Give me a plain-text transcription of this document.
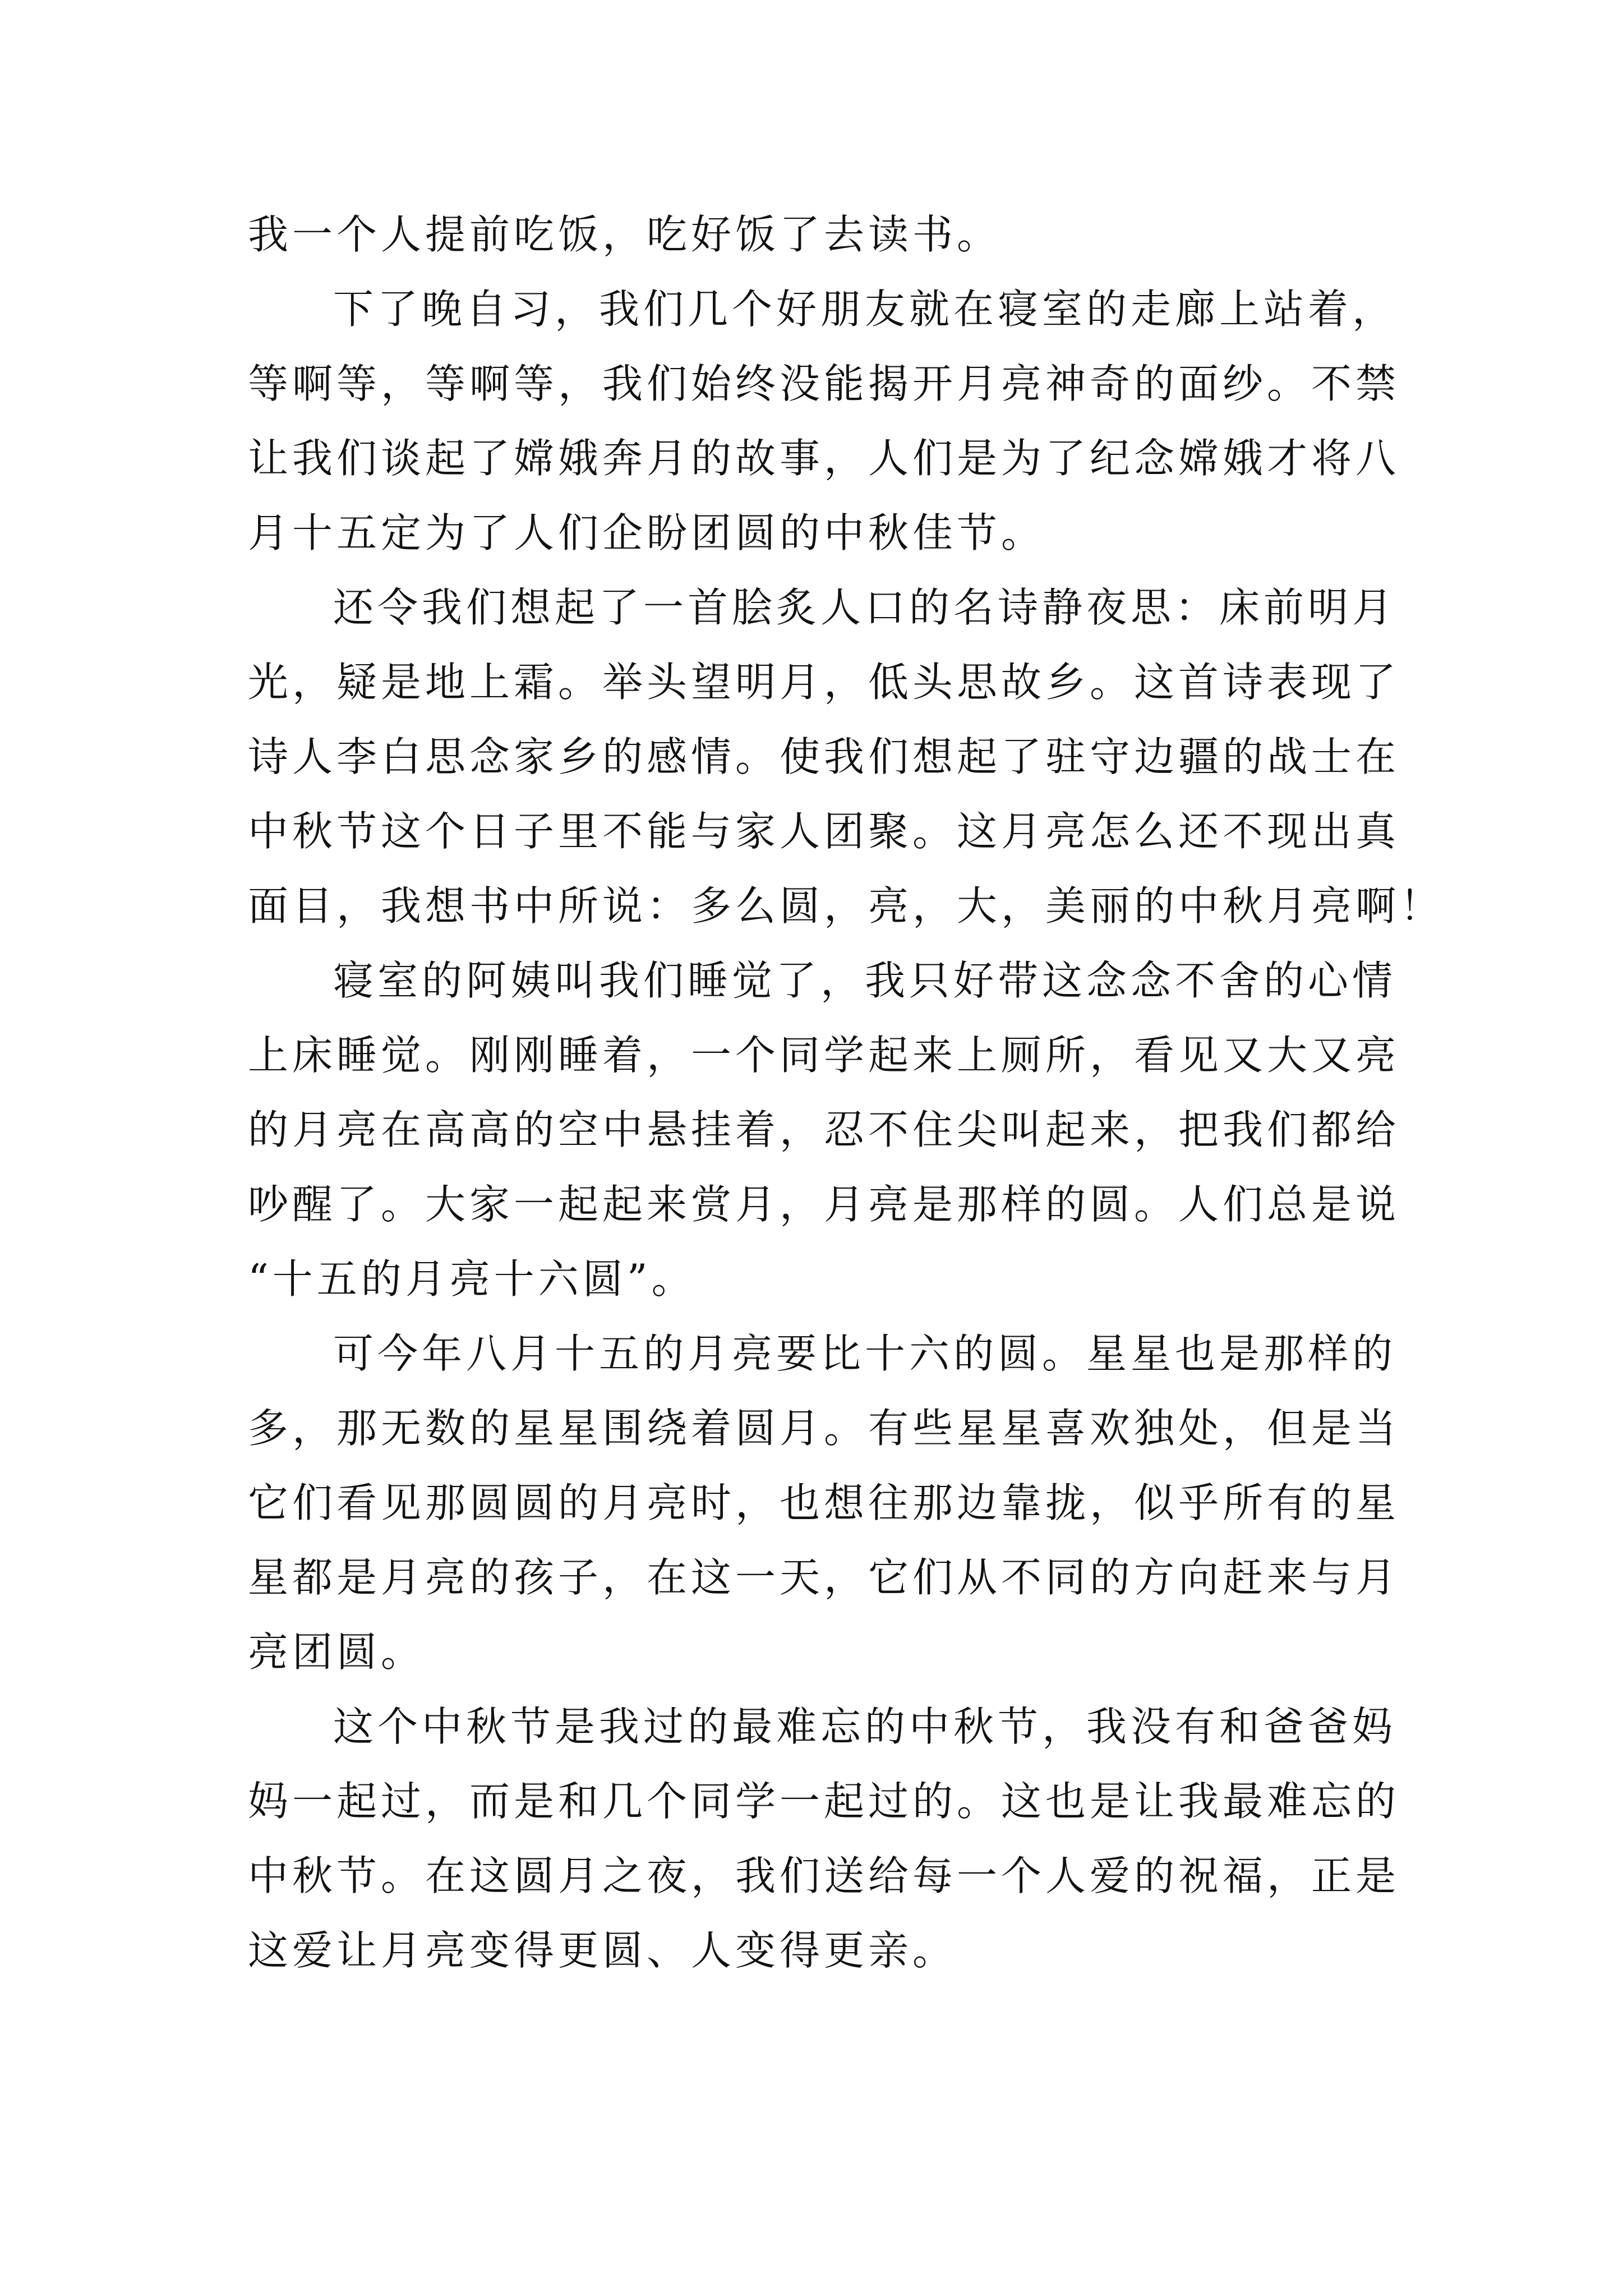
我一个人提前吃饭，吃好饭了去读书。
下了晚自习，我们几个好朋友就在寝室的走廊上站着，
等啊等，等啊等，我们始终没能揭开月亮神奇的面纱。不禁
让我们谈起了嫦娥奔月的故事，人们是为了纪念嫦娥才将八
月十五定为了人们企盼团圆的中秋佳节。
还令我们想起了一首脍炙人口的名诗静夜思：床前明月
光，疑是地上霜。举头望明月，低头思故乡。这首诗表现了
诗人李白思念家乡的感情。使我们想起了驻守边疆的战士在
中秋节这个日子里不能与家人团聚。这月亮怎么还不现出真
面目，我想书中所说：多么圆，亮，大，美丽的中秋月亮啊！
寝室的阿姨叫我们睡觉了，我只好带这念念不舍的心情
上床睡觉。刚刚睡着，一个同学起来上厕所，看见又大又亮
的月亮在高高的空中悬挂着，忍不住尖叫起来，把我们都给
吵醒了。大家一起起来赏月，月亮是那样的圆。人们总是说
“十五的月亮十六圆”。
可今年八月十五的月亮要比十六的圆。星星也是那样的
多，那无数的星星围绕着圆月。有些星星喜欢独处，但是当
它们看见那圆圆的月亮时，也想往那边靠拢，似乎所有的星
星都是月亮的孩子，在这一天，它们从不同的方向赶来与月
亮团圆。
这个中秋节是我过的最难忘的中秋节，我没有和爸爸妈
妈一起过，而是和几个同学一起过的。这也是让我最难忘的
中秋节。在这圆月之夜，我们送给每一个人爱的祝福，正是
这爱让月亮变得更圆、人变得更亲。
